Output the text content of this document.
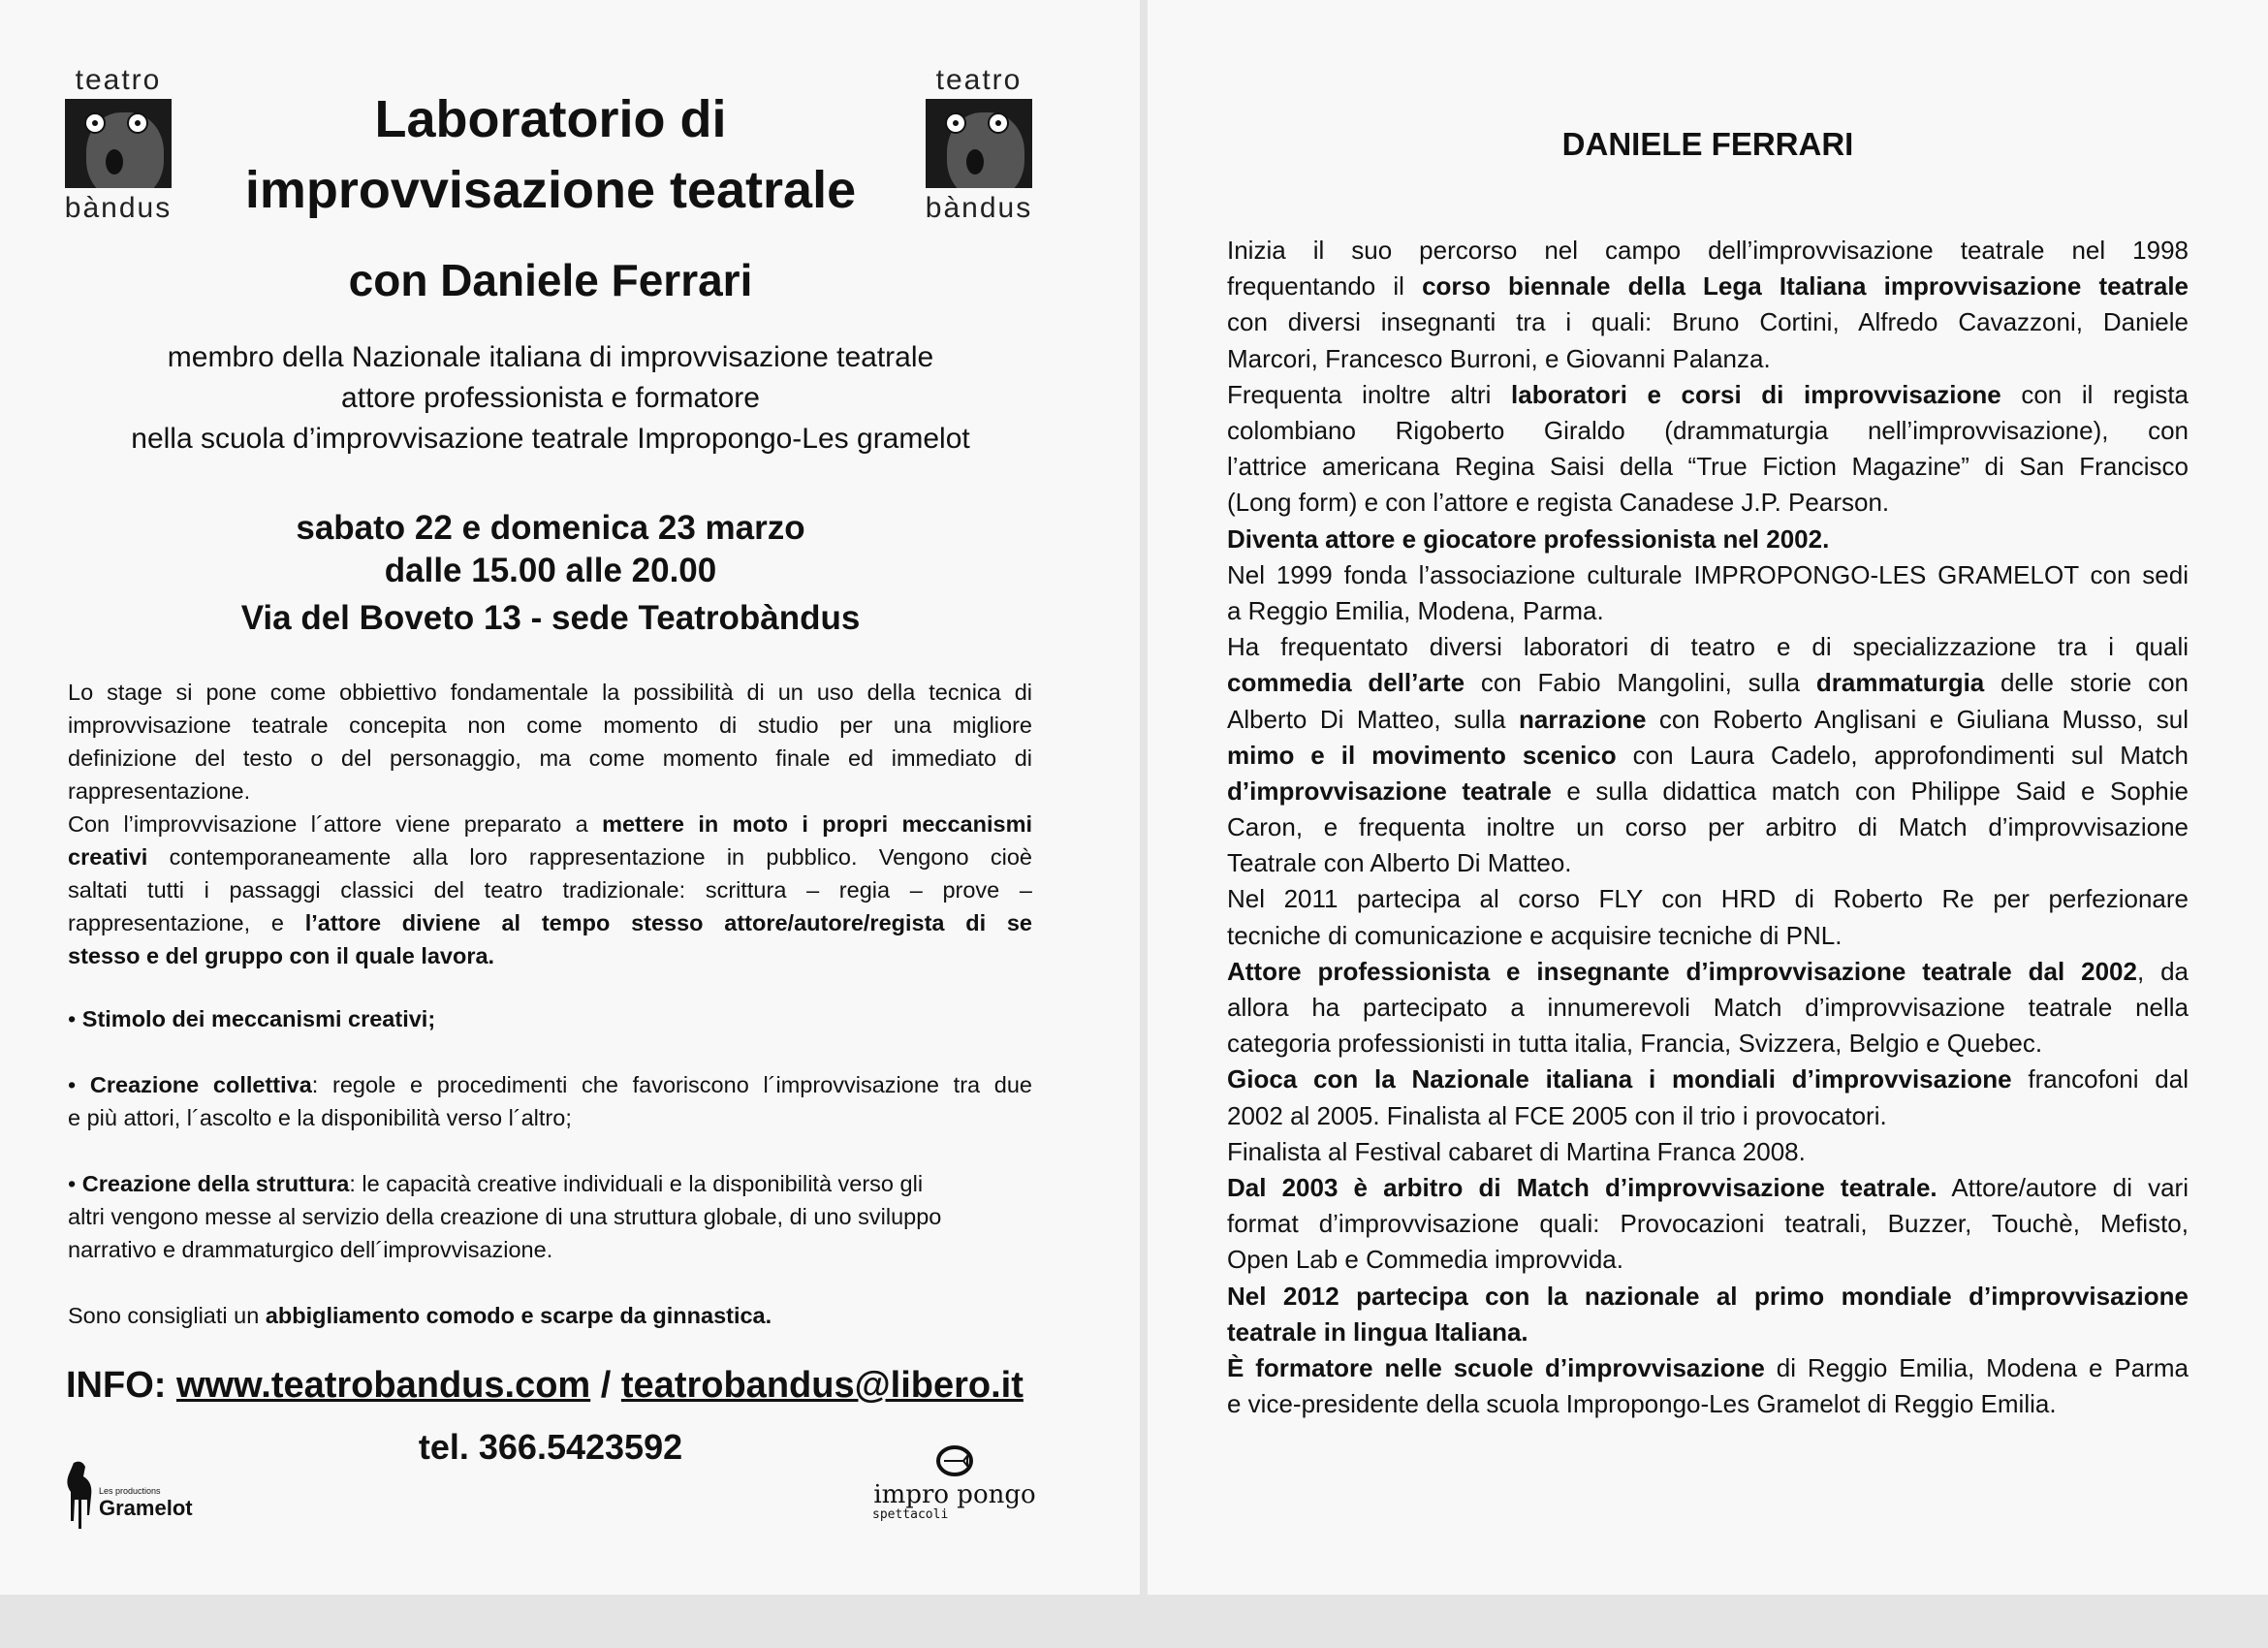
teatro
bàndus
teatro
bàndus
Laboratorio di
improvvisazione teatrale
con Daniele Ferrari
membro della Nazionale italiana di improvvisazione teatrale
attore professionista e formatore
nella scuola d’improvvisazione teatrale Impropongo-Les gramelot
sabato 22 e domenica 23 marzo
dalle 15.00 alle 20.00
Via del Boveto 13 - sede Teatrobàndus
Lo stage si pone come obbiettivo fondamentale la possibilità di un uso della tecnica di
improvvisazione teatrale concepita non come momento di studio per una migliore
definizione del testo o del personaggio, ma come momento finale ed immediato di
rappresentazione.
Con l’improvvisazione l´attore viene preparato a mettere in moto i propri meccanismi
creativi contemporaneamente alla loro rappresentazione in pubblico. Vengono cioè
saltati tutti i passaggi classici del teatro tradizionale: scrittura – regia – prove –
rappresentazione, e l’attore diviene al tempo stesso attore/autore/regista di se
stesso e del gruppo con il quale lavora.
• Stimolo dei meccanismi creativi;
• Creazione collettiva: regole e procedimenti che favoriscono l´improvvisazione tra due
e più attori, l´ascolto e la disponibilità verso l´altro;
• Creazione della struttura: le capacità creative individuali e la disponibilità verso gli
altri vengono messe al servizio della creazione di una struttura globale, di uno sviluppo
narrativo e drammaturgico dell´improvvisazione.
Sono consigliati un abbigliamento comodo e scarpe da ginnastica.
INFO: www.teatrobandus.com / teatrobandus@libero.it
tel. 366.5423592
Les productions
Gramelot	impro pongo
spettacoli
DANIELE FERRARI
Inizia il suo percorso nel campo dell’improvvisazione teatrale nel 1998
frequentando il corso biennale della Lega Italiana improvvisazione teatrale
con diversi insegnanti tra i quali: Bruno Cortini, Alfredo Cavazzoni, Daniele
Marcori, Francesco Burroni, e Giovanni Palanza.
Frequenta inoltre altri laboratori e corsi di improvvisazione con il regista
colombiano Rigoberto Giraldo (drammaturgia nell’improvvisazione), con
l’attrice americana Regina Saisi della “True Fiction Magazine” di San Francisco
(Long form) e con l’attore e regista Canadese J.P. Pearson.
Diventa attore e giocatore professionista nel 2002.
Nel 1999 fonda l’associazione culturale IMPROPONGO-LES GRAMELOT con sedi
a Reggio Emilia, Modena, Parma.
Ha frequentato diversi laboratori di teatro e di specializzazione tra i quali
commedia dell’arte con Fabio Mangolini, sulla drammaturgia delle storie con
Alberto Di Matteo, sulla narrazione con Roberto Anglisani e Giuliana Musso, sul
mimo e il movimento scenico con Laura Cadelo, approfondimenti sul Match
d’improvvisazione teatrale e sulla didattica match con Philippe Said e Sophie
Caron, e frequenta inoltre un corso per arbitro di Match d’improvvisazione
Teatrale con Alberto Di Matteo.
Nel 2011 partecipa al corso FLY con HRD di Roberto Re per perfezionare
tecniche di comunicazione e acquisire tecniche di PNL.
Attore professionista e insegnante d’improvvisazione teatrale dal 2002, da
allora ha partecipato a innumerevoli Match d’improvvisazione teatrale nella
categoria professionisti in tutta italia, Francia, Svizzera, Belgio e Quebec.
Gioca con la Nazionale italiana i mondiali d’improvvisazione francofoni dal
2002 al 2005. Finalista al FCE 2005 con il trio i provocatori.
Finalista al Festival cabaret di Martina Franca 2008.
Dal 2003 è arbitro di Match d’improvvisazione teatrale. Attore/autore di vari
format d’improvvisazione quali: Provocazioni teatrali, Buzzer, Touchè, Mefisto,
Open Lab e Commedia improvvida.
Nel 2012 partecipa con la nazionale al primo mondiale d’improvvisazione
teatrale in lingua Italiana.
È formatore nelle scuole d’improvvisazione di Reggio Emilia, Modena e Parma
e vice-presidente della scuola Impropongo-Les Gramelot di Reggio Emilia.
